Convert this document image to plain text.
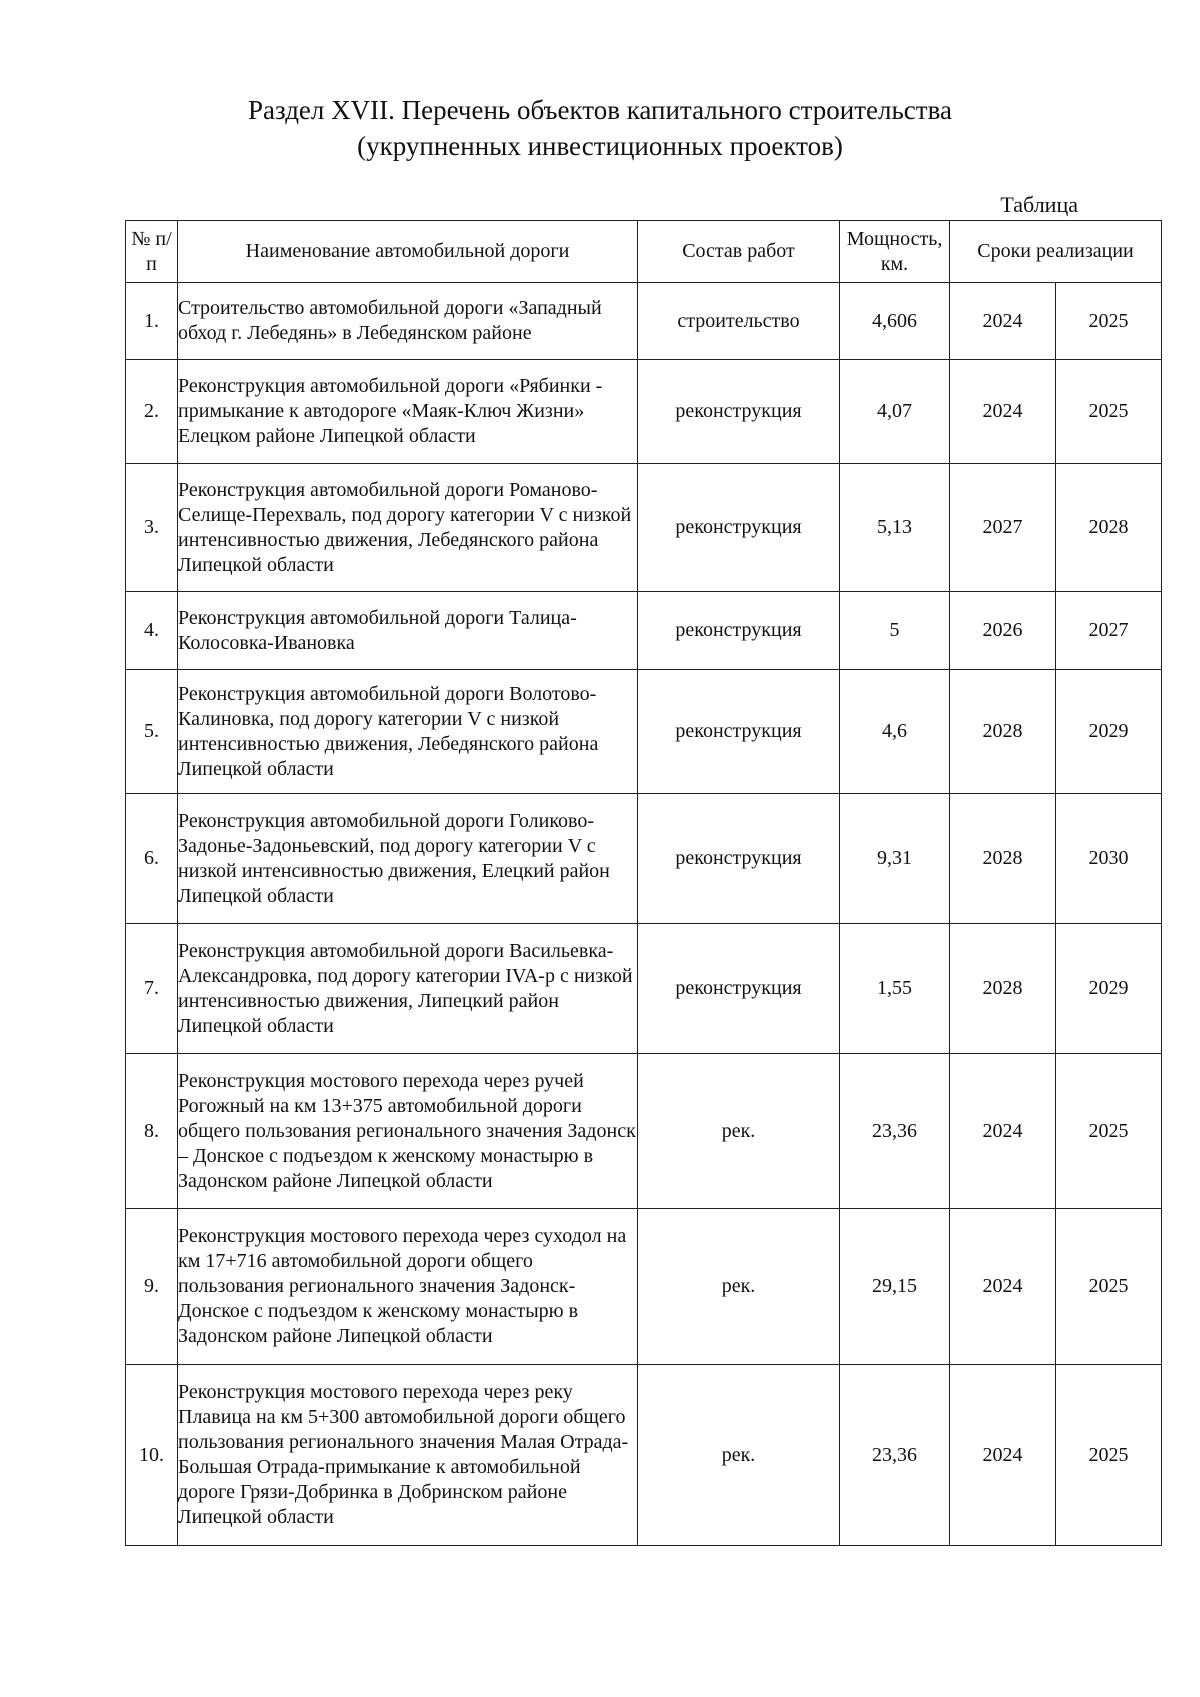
Раздел XVII. Перечень объектов капитального строительства
(укрупненных инвестиционных проектов)
Таблица
№ п/п	Наименование автомобильной дороги	Состав работ	Мощность, км.	Сроки реализации	
1.	Строительство автомобильной дороги «Западный обход г. Лебедянь» в Лебедянском районе	строительство	4,606	2024	2025
2.	Реконструкция автомобильной дороги «Рябинки - примыкание к автодороге «Маяк-Ключ Жизни» Елецком районе Липецкой области	реконструкция	4,07	2024	2025
3.	Реконструкция автомобильной дороги Романово-Селище-Перехваль, под дорогу категории V с низкой интенсивностью движения, Лебедянского района Липецкой области	реконструкция	5,13	2027	2028
4.	Реконструкция автомобильной дороги Талица-Колосовка-Ивановка	реконструкция	5	2026	2027
5.	Реконструкция автомобильной дороги Волотово-Калиновка, под дорогу категории V с низкой интенсивностью движения, Лебедянского района Липецкой области	реконструкция	4,6	2028	2029
6.	Реконструкция автомобильной дороги Голиково-Задонье-Задоньевский, под дорогу категории V с низкой интенсивностью движения, Елецкий район Липецкой области	реконструкция	9,31	2028	2030
7.	Реконструкция автомобильной дороги Васильевка-Александровка, под дорогу категории IVA-р с низкой интенсивностью движения, Липецкий район Липецкой области	реконструкция	1,55	2028	2029
8.	Реконструкция мостового перехода через ручей Рогожный на км 13+375 автомобильной дороги общего пользования регионального значения Задонск – Донское с подъездом к женскому монастырю в Задонском районе Липецкой области	рек.	23,36	2024	2025
9.	Реконструкция мостового перехода через суходол на км 17+716 автомобильной дороги общего пользования регионального значения Задонск-Донское с подъездом к женскому монастырю в Задонском районе Липецкой области	рек.	29,15	2024	2025
10.	Реконструкция мостового перехода через реку Плавица на км 5+300 автомобильной дороги общего пользования регионального значения Малая Отрада-Большая Отрада-примыкание к автомобильной дороге Грязи-Добринка в Добринском районе Липецкой области	рек.	23,36	2024	2025
